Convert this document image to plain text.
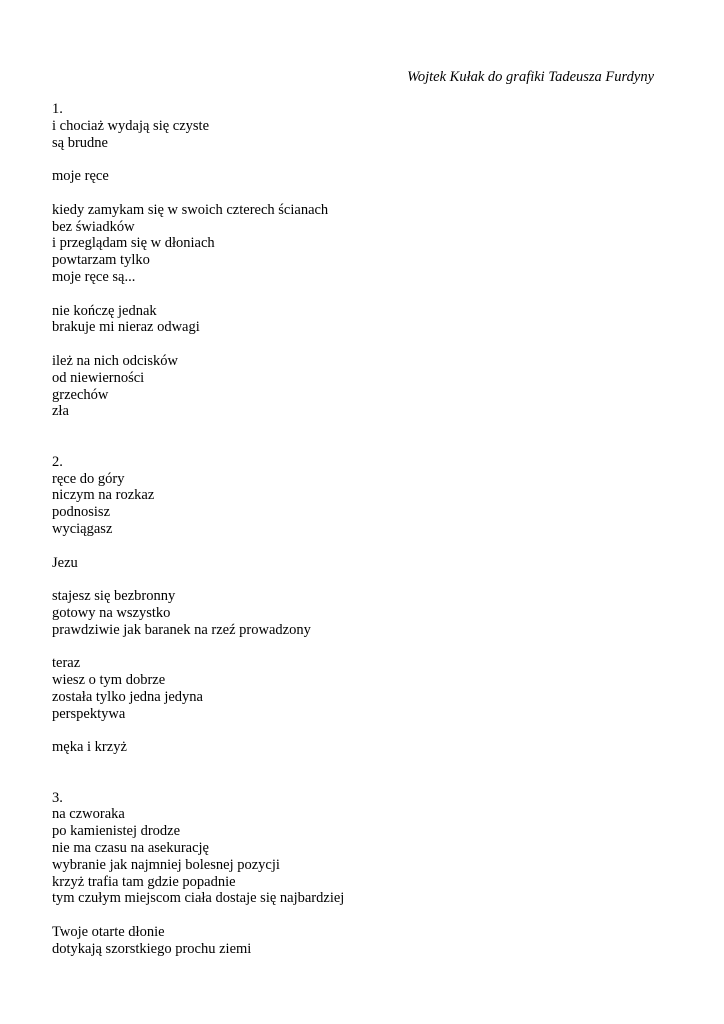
Wojtek Kułak do grafiki Tadeusza Furdyny
1.
i chociaż wydają się czyste
są brudne
moje ręce
kiedy zamykam się w swoich czterech ścianach
bez świadków
i przeglądam się w dłoniach
powtarzam tylko
moje ręce są...
nie kończę jednak
brakuje mi nieraz odwagi
ileż na nich odcisków
od niewierności
grzechów
zła
2.
ręce do góry
niczym na rozkaz
podnosisz
wyciągasz
Jezu
stajesz się bezbronny
gotowy na wszystko
prawdziwie jak baranek na rzeź prowadzony
teraz
wiesz o tym dobrze
została tylko jedna jedyna
perspektywa
męka i krzyż
3.
na czworaka
po kamienistej drodze
nie ma czasu na asekurację
wybranie jak najmniej bolesnej pozycji
krzyż trafia tam gdzie popadnie
tym czułym miejscom ciała dostaje się najbardziej
Twoje otarte dłonie
dotykają szorstkiego prochu ziemi
